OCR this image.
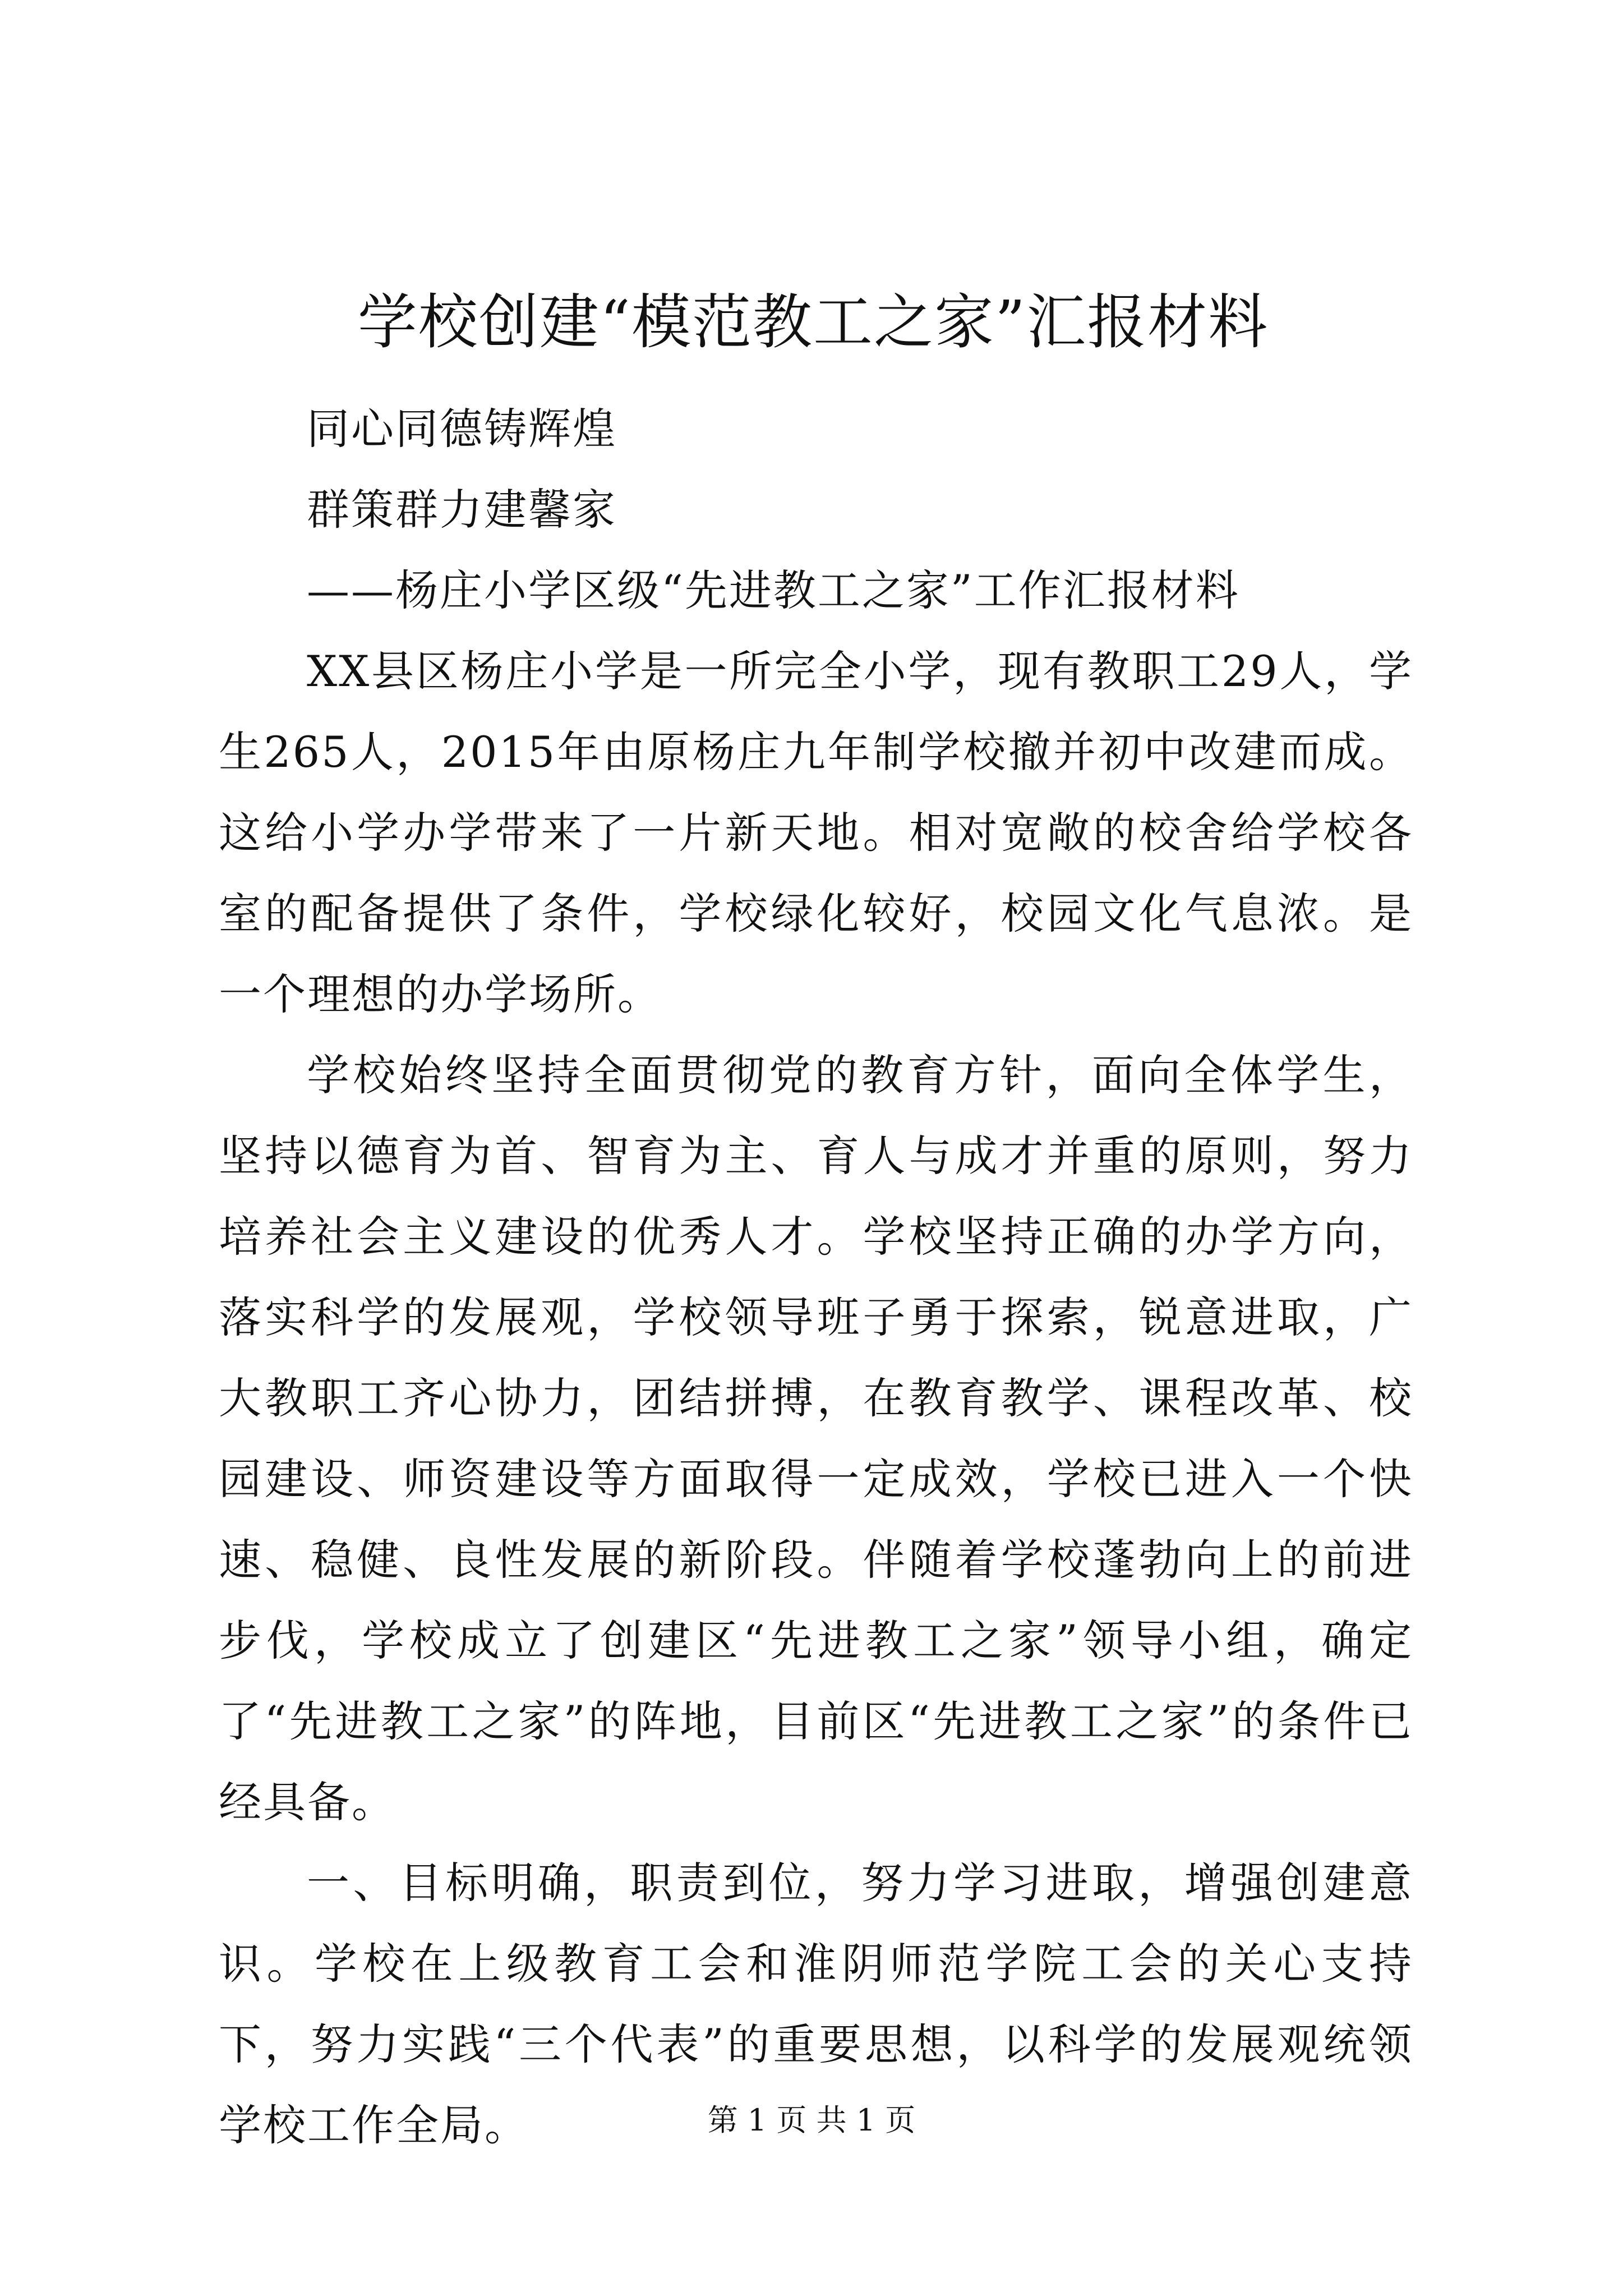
学校创建“模范教工之家”汇报材料

同心同德铸辉煌

群策群力建馨家

——杨庄小学区级“先进教工之家”工作汇报材料

XX县区杨庄小学是一所完全小学，现有教职工29人，学生265人，2015年由原杨庄九年制学校撤并初中改建而成。这给小学办学带来了一片新天地。相对宽敞的校舍给学校各室的配备提供了条件，学校绿化较好，校园文化气息浓。是一个理想的办学场所。

学校始终坚持全面贯彻党的教育方针，面向全体学生，坚持以德育为首、智育为主、育人与成才并重的原则，努力培养社会主义建设的优秀人才。学校坚持正确的办学方向，落实科学的发展观，学校领导班子勇于探索，锐意进取，广大教职工齐心协力，团结拼搏，在教育教学、课程改革、校园建设、师资建设等方面取得一定成效，学校已进入一个快速、稳健、良性发展的新阶段。伴随着学校蓬勃向上的前进步伐，学校成立了创建区“先进教工之家”领导小组，确定了“先进教工之家”的阵地，目前区“先进教工之家”的条件已经具备。

一、目标明确，职责到位，努力学习进取，增强创建意识。学校在上级教育工会和淮阴师范学院工会的关心支持下，努力实践“三个代表”的重要思想，以科学的发展观统领学校工作全局。	第 1 页 共 1 页
